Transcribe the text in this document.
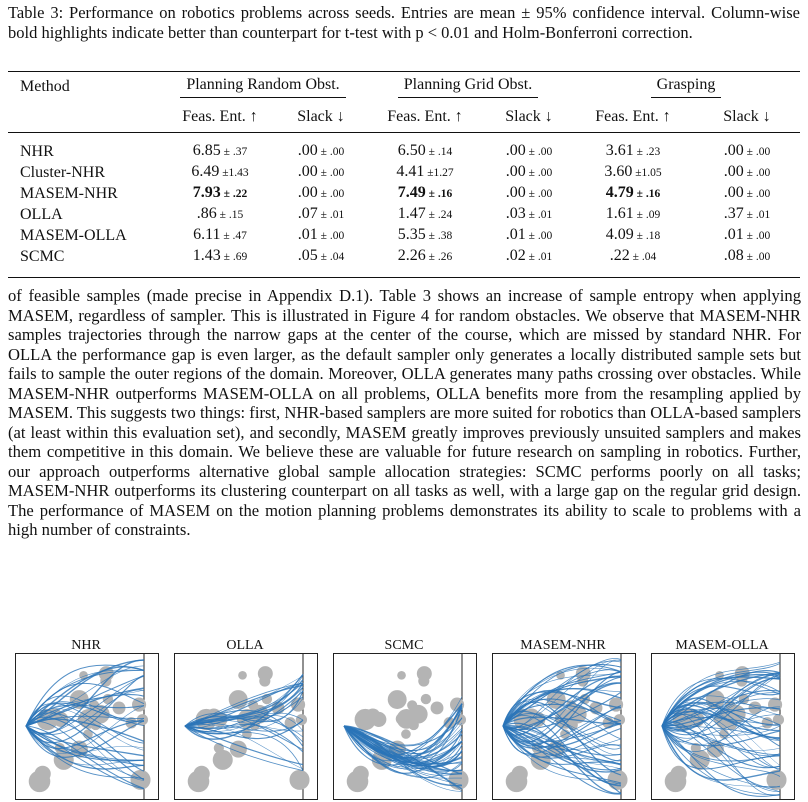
Table 3: Performance on robotics problems across seeds. Entries are mean ± 95% confidence interval. Column-wise bold highlights indicate better than counterpart for t-test with p < 0.01 and Holm-Bonferroni correction.
Method	Planning Random Obst.		Planning Grid Obst.		Grasping	
	Feas. Ent. ↑	Slack ↓	Feas. Ent. ↑	Slack ↓	Feas. Ent. ↑	Slack ↓
NHR	6.85 ± .37	.00 ± .00	6.50 ± .14	.00 ± .00	3.61 ± .23	.00 ± .00
Cluster-NHR	6.49 ±1.43	.00 ± .00	4.41 ±1.27	.00 ± .00	3.60 ±1.05	.00 ± .00
MASEM-NHR	7.93 ± .22	.00 ± .00	7.49 ± .16	.00 ± .00	4.79 ± .16	.00 ± .00
OLLA	.86 ± .15	.07 ± .01	1.47 ± .24	.03 ± .01	1.61 ± .09	.37 ± .01
MASEM-OLLA	6.11 ± .47	.01 ± .00	5.35 ± .38	.01 ± .00	4.09 ± .18	.01 ± .00
SCMC	1.43 ± .69	.05 ± .04	2.26 ± .26	.02 ± .01	.22 ± .04	.08 ± .00
of feasible samples (made precise in Appendix D.1). Table 3 shows an increase of sample entropy when applying MASEM, regardless of sampler. This is illustrated in Figure 4 for random obstacles. We observe that MASEM-NHR samples trajectories through the narrow gaps at the center of the course, which are missed by standard NHR. For OLLA the performance gap is even larger, as the default sampler only generates a locally distributed sample sets but fails to sample the outer regions of the domain. Moreover, OLLA generates many paths crossing over obstacles. While MASEM-NHR outperforms MASEM-OLLA on all problems, OLLA benefits more from the resampling applied by MASEM. This suggests two things: first, NHR-based samplers are more suited for robotics than OLLA-based samplers (at least within this evaluation set), and secondly, MASEM greatly improves previously unsuited samplers and makes them competitive in this domain. We believe these are valuable for future research on sampling in robotics. Further, our approach outperforms alternative global sample allocation strategies: SCMC performs poorly on all tasks; MASEM-NHR outperforms its clustering counterpart on all tasks as well, with a large gap on the regular grid design. The performance of MASEM on the motion planning problems demonstrates its ability to scale to problems with a high number of constraints.
NHR	OLLA	SCMC	MASEM-NHR	MASEM-OLLA
